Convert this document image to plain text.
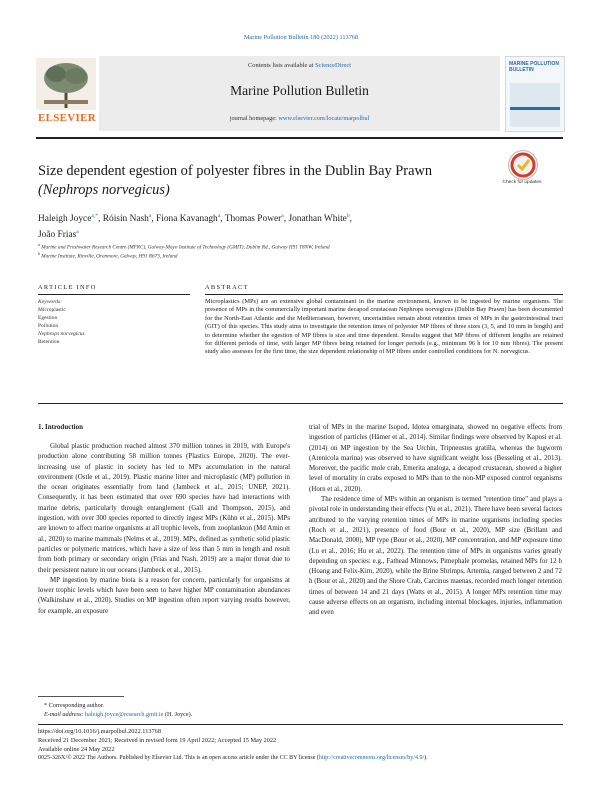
Marine Pollution Bulletin 180 (2022) 113768
ELSEVIER
Contents lists available at ScienceDirect
Marine Pollution Bulletin
journal homepage: www.elsevier.com/locate/marpolbul
MARINE POLLUTION BULLETIN
Size dependent egestion of polyester fibres in the Dublin Bay Prawn
(Nephrops norvegicus)	Check for updates
Haleigh Joyce$^{a,*}$, Róisín Nash$^a$, Fiona Kavanagh$^a$, Thomas Power$^a$, Jonathan White$^b$,
João Frias$^a$
$^a$ Marine and Freshwater Research Centre (MFRC), Galway-Mayo Institute of Technology (GMIT), Dublin Rd., Galway H91 T8NW, Ireland
$^b$ Marine Institute, Rinville, Oranmore, Galway, H91 R673, Ireland
ARTICLE INFO	ABSTRACT
Keywords:
Microplastic
Egestion
Pollution
Nephrops norvegicus
Retention
Microplastics (MPs) are an extensive global contaminant in the marine environment, known to be ingested by marine organisms. The presence of MPs in the commercially important marine decapod crustacean Nephrops norvegicus (Dublin Bay Prawn) has been documented for the North-East Atlantic and the Mediterranean, however, uncertainties remain about retention times of MPs in the gastrointestinal tract (GIT) of this species. This study aims to investigate the retention times of polyester MP fibres of three sizes (3, 5, and 10 mm in length) and to determine whether the egestion of MP fibres is size and time dependent. Results suggest that MP fibres of different lengths are retained for different periods of time, with larger MP fibres being retained for longer periods (e.g., minimum 96 h for 10 mm fibres). The present study also assesses for the first time, the size dependent relationship of MP fibres under controlled conditions for N. norvegicus.
1. Introduction

Global plastic production reached almost 370 million tonnes in 2019, with Europe's production alone contributing 58 million tonnes (Plastics Europe, 2020). The ever-increasing use of plastic in society has led to MPs accumulation in the natural environment (Ostle et al., 2019). Plastic marine litter and microplastic (MP) pollution in the ocean originates essentially from land (Jambeck et al., 2015; UNEP, 2021). Consequently, it has been estimated that over 690 species have had interactions with marine debris, particularly through entanglement (Gall and Thompson, 2015), and ingestion, with over 300 species reported to directly ingest MPs (Kühn et al., 2015). MPs are known to affect marine organisms at all trophic levels, from zooplankton (Md Amin et al., 2020) to marine mammals (Nelms et al., 2019). MPs, defined as synthetic solid plastic particles or polymeric matrices, which have a size of less than 5 mm in length and result from both primary or secondary origin (Frias and Nash, 2019) are a major threat due to their persistent nature in our oceans (Jambeck et al., 2015).

MP ingestion by marine biota is a reason for concern, particularly for organisms at lower trophic levels which have been seen to have higher MP contamination abundances (Walkinshaw et al., 2020). Studies on MP ingestion often report varying results however, for example, an exposure

trial of MPs in the marine Isopod, Idotea emarginata, showed no negative effects from ingestion of particles (Hämer et al., 2014). Similar findings were observed by Kaposi et al. (2014) on MP ingestion by the Sea Urchin, Tripneustes gratilla, whereas the lugworm (Arenicola marina) was observed to have significant weight loss (Besseling et al., 2013). Moreover, the pacific mole crab, Emerita analoga, a decapod crustacean, showed a higher level of mortality in crabs exposed to MPs than to the non-MP exposed control organisms (Horn et al., 2020).

The residence time of MPs within an organism is termed "retention time" and plays a pivotal role in understanding their effects (Yu et al., 2021). There have been several factors attributed to the varying retention times of MPs in marine organisms including species (Roch et al., 2021), presence of food (Bour et al., 2020), MP size (Brillant and MacDonald, 2000), MP type (Bour et al., 2020), MP concentration, and MP exposure time (Lu et al., 2016; Hu et al., 2022). The retention time of MPs in organisms varies greatly depending on species: e.g., Fathead Minnows, Pimephale promelas, retained MPs for 12 h (Hoang and Felix-Kim, 2020), while the Brine Shrimps, Artemia, ranged between 2 and 72 h (Bour et al., 2020) and the Shore Crab, Carcinus maenas, recorded much longer retention times of between 14 and 21 days (Watts et al., 2015). A longer MPs retention time may cause adverse effects on an organism, including internal blockages, injuries, inflammation and even

* Corresponding author.
E-mail address: haleigh.joyce@research.gmit.ie (H. Joyce).
https://doi.org/10.1016/j.marpolbul.2022.113768
Received 21 December 2021; Received in revised form 19 April 2022; Accepted 15 May 2022
Available online 24 May 2022
0025-326X/© 2022 The Authors. Published by Elsevier Ltd. This is an open access article under the CC BY license (http://creativecommons.org/licenses/by/4.0/).
